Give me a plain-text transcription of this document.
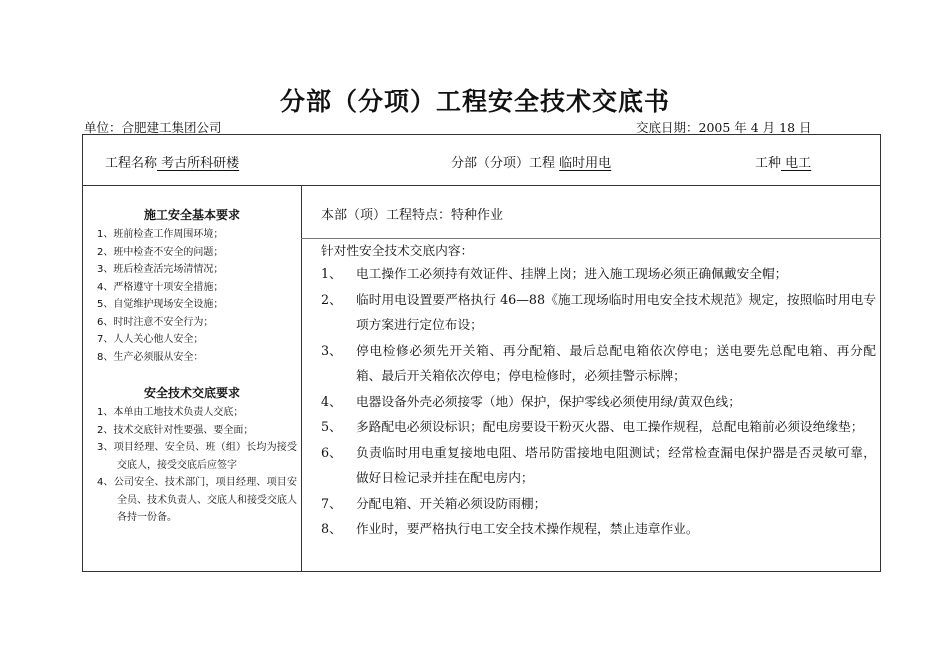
分部（分项）工程安全技术交底书
单位：合肥建工集团公司	交底日期：2005 年 4 月 18 日
工程名称 考古所科研楼	分部（分项）工程 临时用电	工种 电工
施工安全基本要求
1、班前检查工作周围环境；
2、班中检查不安全的问题；
3、班后检查活完场清情况；
4、严格遵守十项安全措施；
5、自觉维护现场安全设施；
6、时时注意不安全行为；
7、人人关心他人安全；
8、生产必须服从安全：
安全技术交底要求
1、本单由工地技术负责人交底；
2、技术交底针对性要强、要全面；
3、项目经理、安全员、班（组）长均为接受交底人，接受交底后应签字
4、公司安全、技术部门，项目经理、项目安全员、技术负责人、交底人和接受交底人各持一份备。
本部（项）工程特点：特种作业
针对性安全技术交底内容：
1、 电工操作工必须持有效证件、挂牌上岗；进入施工现场必须正确佩戴安全帽；
2、 临时用电设置要严格执行 46—88《施工现场临时用电安全技术规范》规定，按照临时用电专项方案进行定位布设；
3、 停电检修必须先开关箱、再分配箱、最后总配电箱依次停电；送电要先总配电箱、再分配箱、最后开关箱依次停电；停电检修时，必须挂警示标牌；
4、 电器设备外壳必须接零（地）保护，保护零线必须使用绿/黄双色线；
5、 多路配电必须设标识；配电房要设干粉灭火器、电工操作规程，总配电箱前必须设绝缘垫；
6、 负责临时用电重复接地电阻、塔吊防雷接地电阻测试；经常检查漏电保护器是否灵敏可靠，做好日检记录并挂在配电房内；
7、 分配电箱、开关箱必须设防雨棚；
8、 作业时，要严格执行电工安全技术操作规程，禁止违章作业。
